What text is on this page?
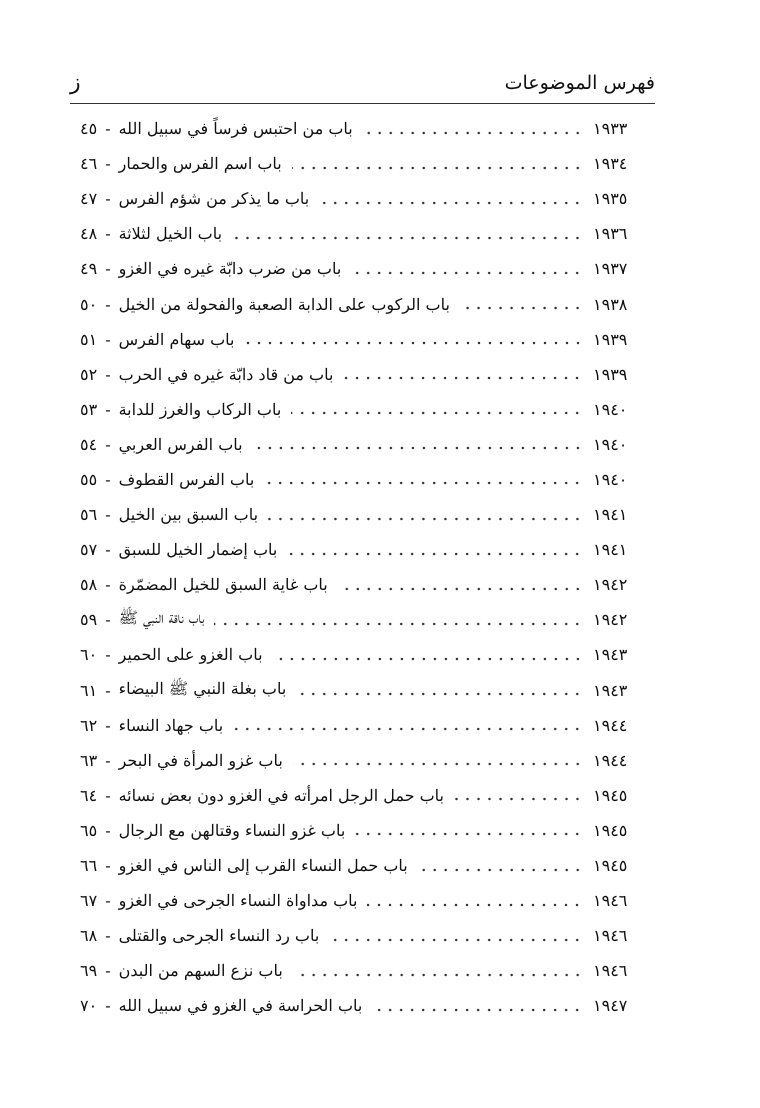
فهرس الموضوعات
ز
٤٥ - باب من احتبس فرساً في سبيل الله	١٩٣٣
٤٦ - باب اسم الفرس والحمار	١٩٣٤
٤٧ - باب ما يذكر من شؤم الفرس	١٩٣٥
٤٨ - باب الخيل لثلاثة	١٩٣٦
٤٩ - باب من ضرب دابّة غيره في الغزو	١٩٣٧
٥٠ - باب الركوب على الدابة الصعبة والفحولة من الخيل	١٩٣٨
٥١ - باب سهام الفرس	١٩٣٩
٥٢ - باب من قاد دابّة غيره في الحرب	١٩٣٩
٥٣ - باب الركاب والغرز للدابة	١٩٤٠
٥٤ - باب الفرس العربي	١٩٤٠
٥٥ - باب الفرس القطوف	١٩٤٠
٥٦ - باب السبق بين الخيل	١٩٤١
٥٧ - باب إضمار الخيل للسبق	١٩٤١
٥٨ - باب غاية السبق للخيل المضمّرة	١٩٤٢
٥٩ - باب ناقة النبي ﷺ	١٩٤٢
٦٠ - باب الغزو على الحمير	١٩٤٣
٦١ - باب بغلة النبي ﷺ البيضاء	١٩٤٣
٦٢ - باب جهاد النساء	١٩٤٤
٦٣ - باب غزو المرأة في البحر	١٩٤٤
٦٤ - باب حمل الرجل امرأته في الغزو دون بعض نسائه	١٩٤٥
٦٥ - باب غزو النساء وقتالهن مع الرجال	١٩٤٥
٦٦ - باب حمل النساء القرب إلى الناس في الغزو	١٩٤٥
٦٧ - باب مداواة النساء الجرحى في الغزو	١٩٤٦
٦٨ - باب رد النساء الجرحى والقتلى	١٩٤٦
٦٩ - باب نزع السهم من البدن	١٩٤٦
٧٠ - باب الحراسة في الغزو في سبيل الله	١٩٤٧
